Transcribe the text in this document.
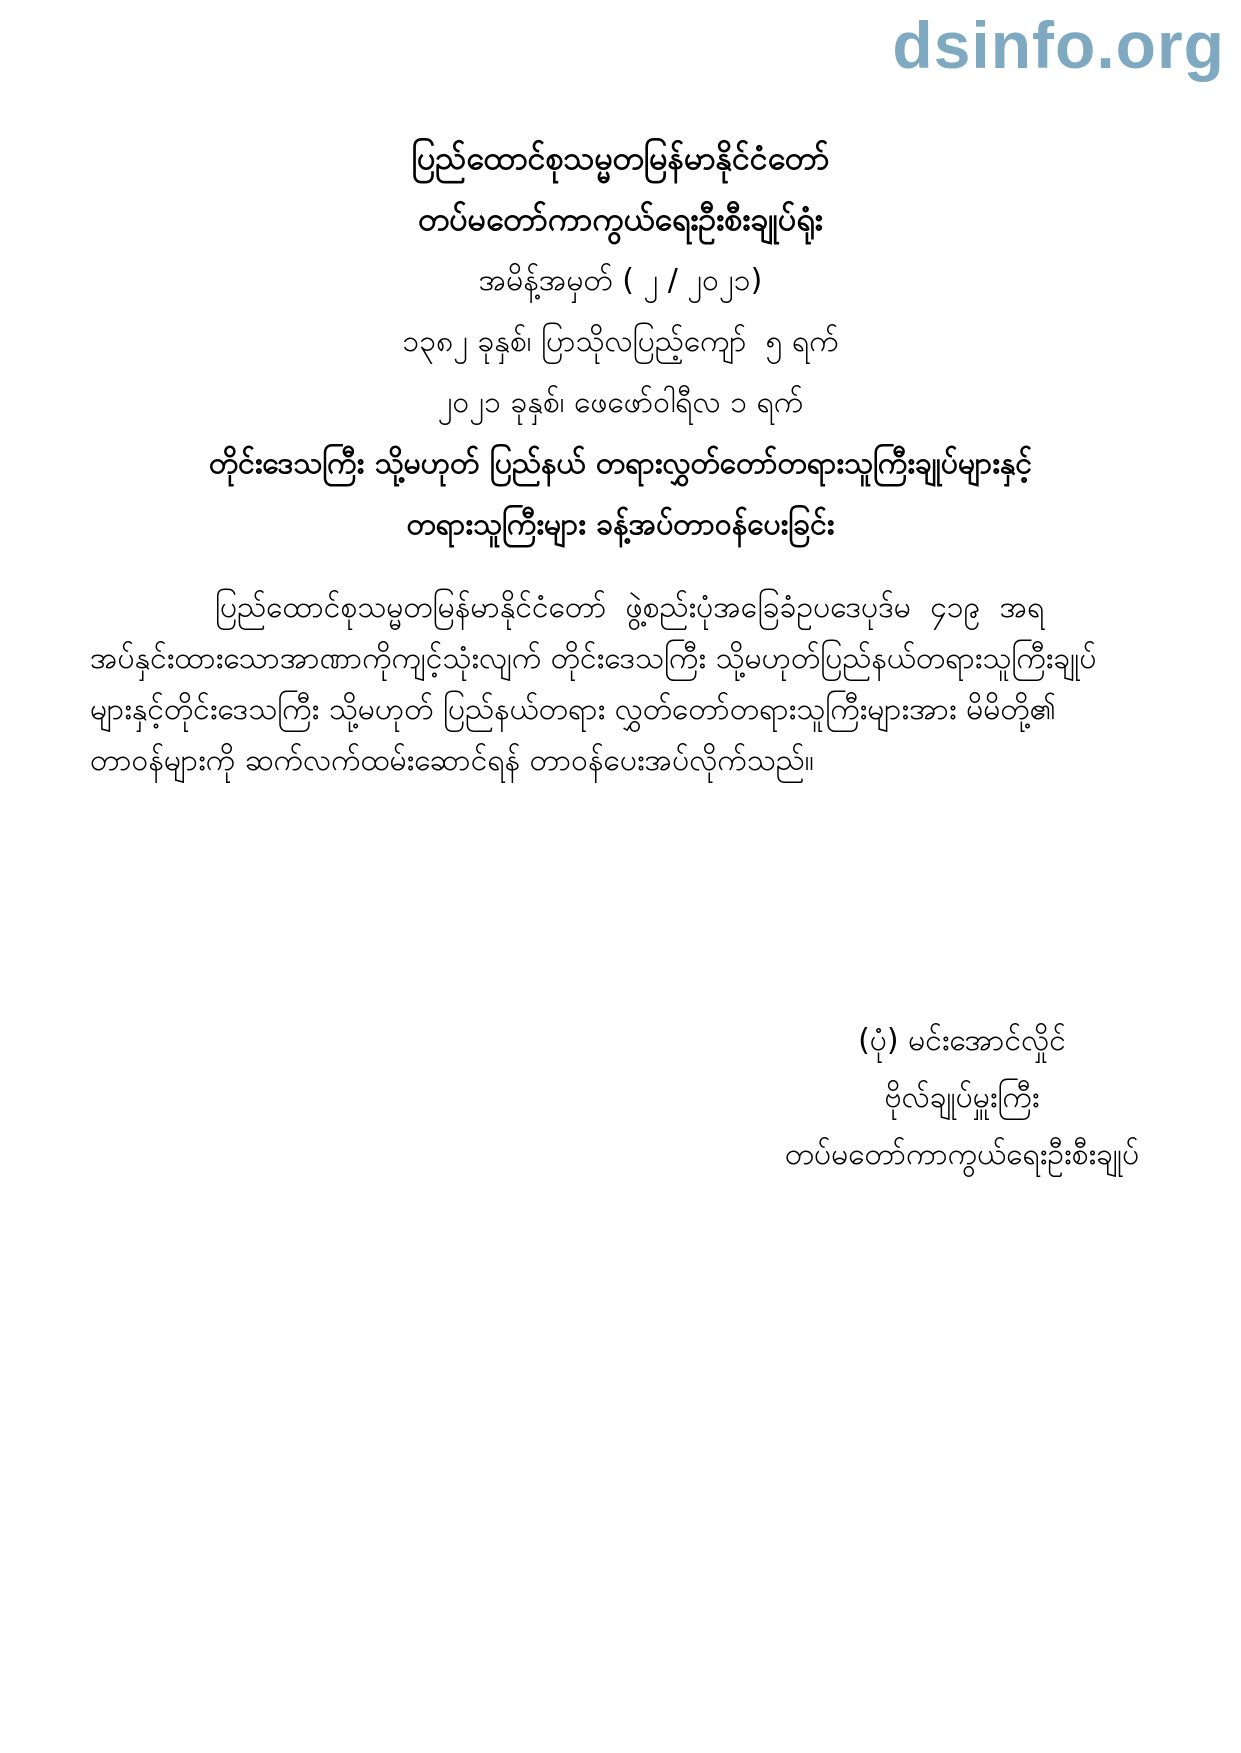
dsinfo.org
ပြည်ထောင်စုသမ္မတမြန်မာနိုင်ငံတော်
တပ်မတော်ကာကွယ်ရေးဦးစီးချုပ်ရုံး
အမိန့်အမှတ် ( ၂ / ၂၀၂၁)
၁၃၈၂ ခုနှစ်၊ ပြာသိုလပြည့်ကျော်  ၅ ရက်
၂၀၂၁ ခုနှစ်၊ ဖေဖော်ဝါရီလ ၁ ရက်
တိုင်းဒေသကြီး သို့မဟုတ် ပြည်နယ် တရားလွှတ်တော်တရားသူကြီးချုပ်များနှင့်
တရားသူကြီးများ ခန့်အပ်တာဝန်ပေးခြင်း
ပြည်ထောင်စုသမ္မတမြန်မာနိုင်ငံတော်  ဖွဲ့စည်းပုံအခြေခံဥပဒေပုဒ်မ  ၄၁၉  အရ
အပ်နှင်းထားသောအာဏာကိုကျင့်သုံးလျက် တိုင်းဒေသကြီး သို့မဟုတ်ပြည်နယ်တရားသူကြီးချုပ်
များနှင့်တိုင်းဒေသကြီး သို့မဟုတ် ပြည်နယ်တရား လွှတ်တော်တရားသူကြီးများအား မိမိတို့၏
တာဝန်များကို ဆက်လက်ထမ်းဆောင်ရန် တာဝန်ပေးအပ်လိုက်သည်။
(ပုံ) မင်းအောင်လှိုင်
ဗိုလ်ချုပ်မှူးကြီး
တပ်မတော်ကာကွယ်ရေးဦးစီးချုပ်
